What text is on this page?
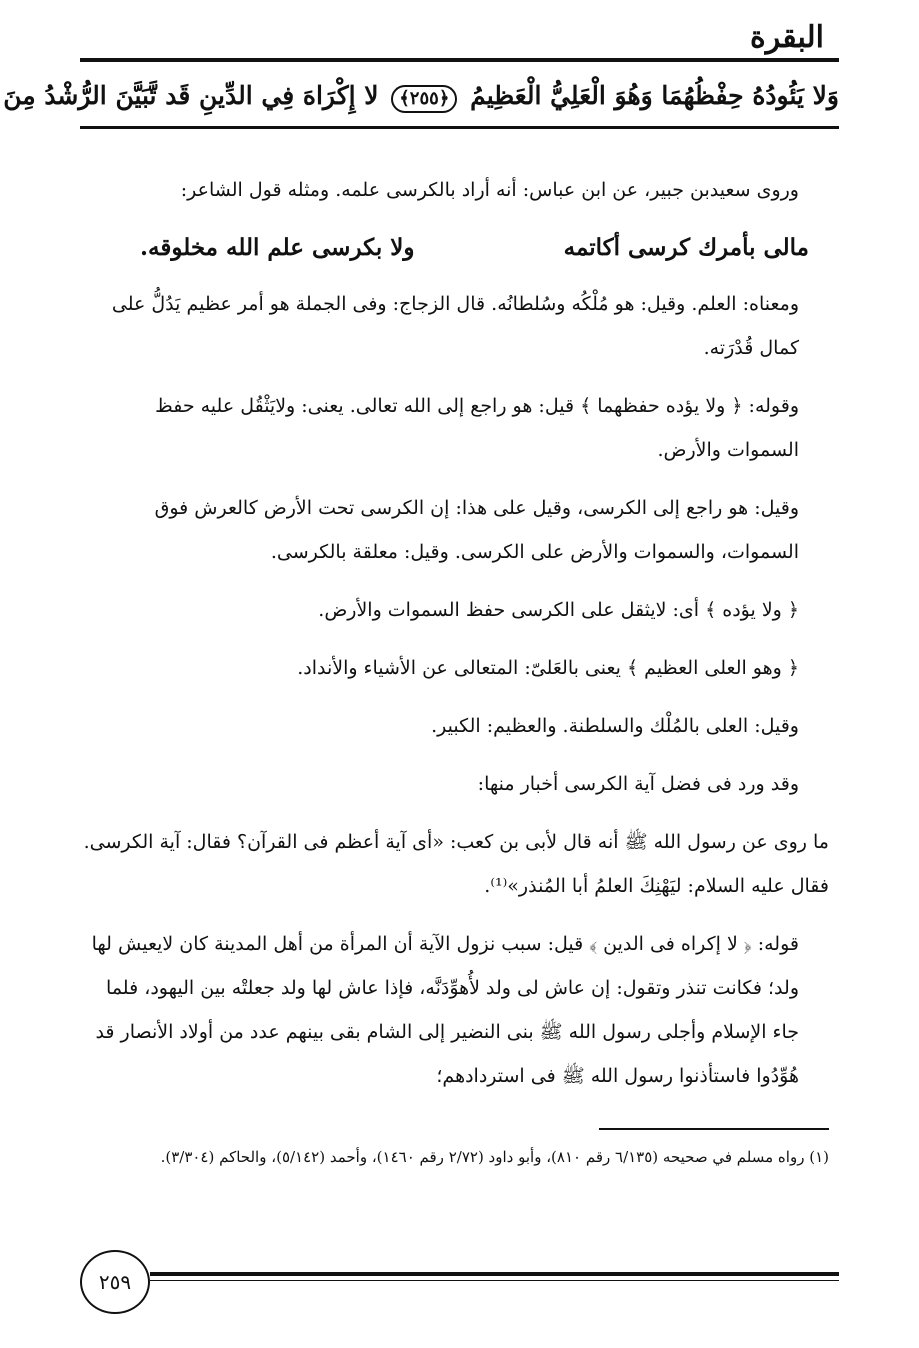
البقرة
وَلا يَئُودُهُ حِفْظُهُمَا وَهُوَ الْعَلِيُّ الْعَظِيمُ ﴿٢٥٥﴾ لا إِكْرَاهَ فِي الدِّينِ قَد تَّبَيَّنَ الرُّشْدُ مِنَ

وروى سعيدبن جبير، عن ابن عباس: أنه أراد بالكرسى علمه. ومثله قول الشاعر:

مالى بأمرك كرسى أكاتمه
ولا بكرسى علم الله مخلوقه.

ومعناه: العلم. وقيل: هو مُلْكُه وسُلطانُه. قال الزجاج: وفى الجملة هو أمر عظيم يَدُلُّ على كمال قُدْرَته.

وقوله: ﴿ ولا يؤده حفظهما ﴾ قيل: هو راجع إلى الله تعالى. يعنى: ولايَثْقُل عليه حفظ السموات والأرض.

وقيل: هو راجع إلى الكرسى، وقيل على هذا: إن الكرسى تحت الأرض كالعرش فوق السموات، والسموات والأرض على الكرسى. وقيل: معلقة بالكرسى.

﴿ ولا يؤده ﴾ أى: لايثقل على الكرسى حفظ السموات والأرض.

﴿ وهو العلى العظيم ﴾ يعنى بالعَلىّ: المتعالى عن الأشياء والأنداد.

وقيل: العلى بالمُلْك والسلطنة. والعظيم: الكبير.

وقد ورد فى فضل آية الكرسى أخبار منها:

ما روى عن رسول الله ﷺ أنه قال لأبى بن كعب: «أى آية أعظم فى القرآن؟ فقال: آية الكرسى. فقال عليه السلام: ليَهْنِكَ العلمُ أبا المُنذر»⁽¹⁾.

قوله: ﴿ لا إكراه فى الدين ﴾ قيل: سبب نزول الآية أن المرأة من أهل المدينة كان لايعيش لها ولد؛ فكانت تنذر وتقول: إن عاش لى ولد لأُهوِّدَنَّه، فإذا عاش لها ولد جعلتْه بين اليهود، فلما جاء الإسلام وأجلى رسول الله ﷺ بنى النضير إلى الشام بقى بينهم عدد من أولاد الأنصار قد هُوِّدُوا فاستأذنوا رسول الله ﷺ فى استردادهم؛

(١) رواه مسلم في صحيحه (٦/١٣٥ رقم ٨١٠)، وأبو داود (٢/٧٢ رقم ١٤٦٠)، وأحمد (٥/١٤٢)، والحاكم (٣/٣٠٤).
٢٥٩
